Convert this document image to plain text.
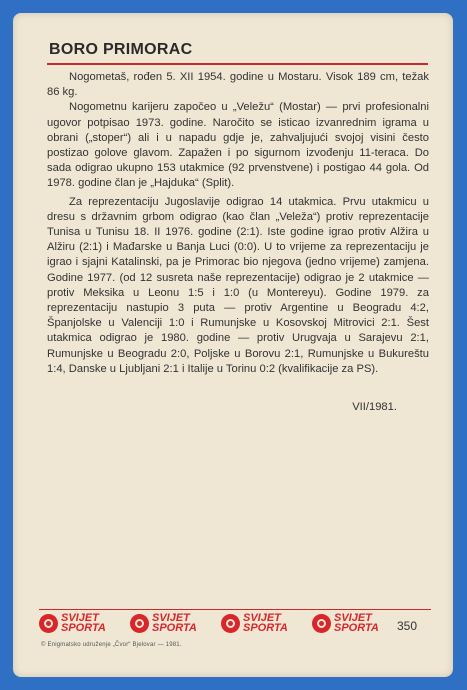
BORO PRIMORAC

Nogometaš, rođen 5. XII 1954. godine u Mostaru. Visok 189 cm, težak 86 kg.

Nogometnu karijeru započeo u „Veležu“ (Mostar) — prvi profesionalni ugovor potpisao 1973. godine. Naročito se isticao izvanrednim igrama u obrani („stoper“) ali i u napadu gdje je, zahvaljujući svojoj visini često postizao golove glavom. Zapažen i po sigurnom izvođenju 11-teraca. Do sada odigrao ukupno 153 utakmice (92 prvenstvene) i postigao 44 gola. Od 1978. godine član je „Hajduka“ (Split).

Za reprezentaciju Jugoslavije odigrao 14 utakmica. Prvu utakmicu u dresu s državnim grbom odigrao (kao član „Veleža“) protiv reprezentacije Tunisa u Tunisu 18. II 1976. godine (2:1). Iste godine igrao protiv Alžira u Alžiru (2:1) i Mađarske u Banja Luci (0:0). U to vrijeme za reprezentaciju je igrao i sjajni Katalinski, pa je Primorac bio njegova (jedno vrijeme) zamjena. Godine 1977. (od 12 susreta naše reprezentacije) odigrao je 2 utakmice — protiv Meksika u Leonu 1:5 i 1:0 (u Montereyu). Godine 1979. za reprezentaciju nastupio 3 puta — protiv Argentine u Beogradu 4:2, Španjolske u Valenciji 1:0 i Rumunjske u Kosovskoj Mitrovici 2:1. Šest utakmica odigrao je 1980. godine — protiv Urugvaja u Sarajevu 2:1, Rumunjske u Beogradu 2:0, Poljske u Borovu 2:1, Rumunjske u Bukureštu 1:4, Danske u Ljubljani 2:1 i Italije u Torinu 0:2 (kvalifikacije za PS).

VII/1981.
SVIJET
SPORTA
SVIJET
SPORTA
SVIJET
SPORTA
SVIJET
SPORTA 350
© Enigmatsko udruženje „Čvor“ Bjelovar — 1981.
